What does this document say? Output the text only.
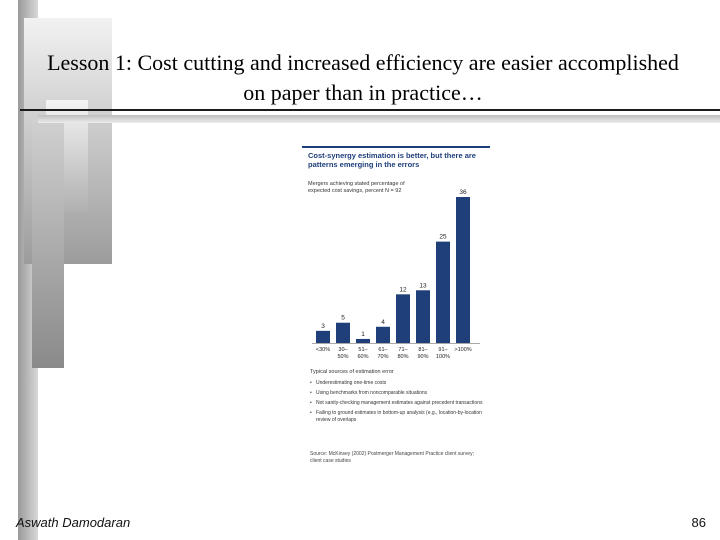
Lesson 1: Cost cutting and increased efficiency are easier accomplished on paper than in practice…
Cost-synergy estimation is better, but there are patterns emerging in the errors
Mergers achieving stated percentage of expected cost savings, percent N = 92
3
<30%
5
30–
50%
1
51–
60%
4
61–
70%
12
71–
80%
13
81–
90%
25
91–
100%
36
>100%
Typical sources of estimation error
• Underestimating one-time costs
• Using benchmarks from noncomparable situations
• Not sanity-checking management estimates against precedent transactions
• Failing to ground estimates in bottom-up analysis (e.g., location-by-location review of overlaps
Source: McKinsey (2002) Postmerger Management Practice client survey; client case studies
Aswath Damodaran	86
